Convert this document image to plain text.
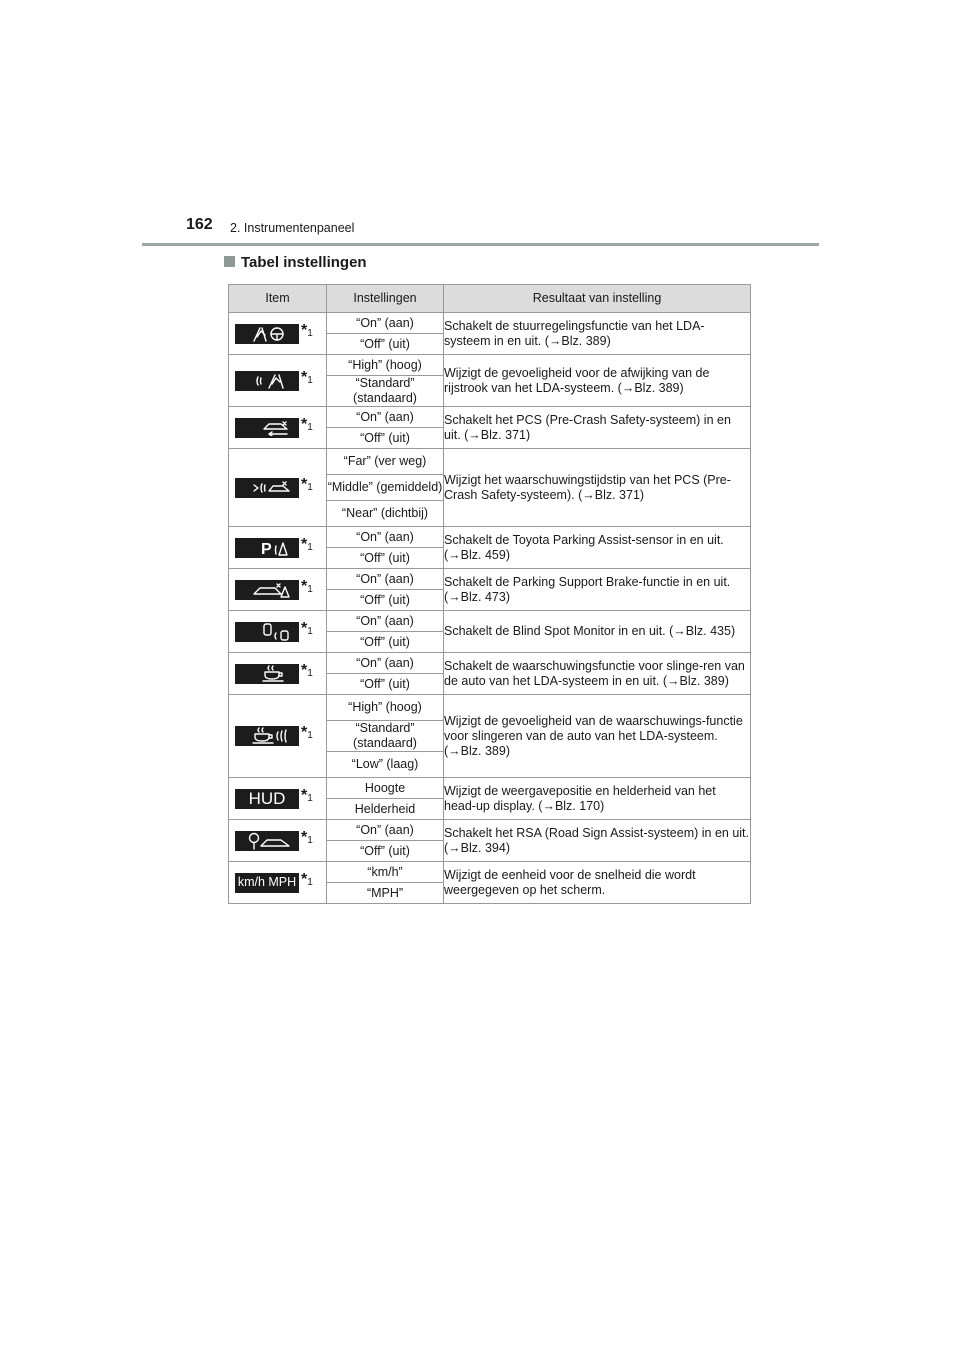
162 2. Instrumentenpaneel
Tabel instellingen
Item	Instellingen	Resultaat van instelling

$*_1$	“On” (aan)	Schakelt de stuurregelingsfunctie van het LDA-systeem in en uit. (→Blz. 389)
	“Off” (uit)	

$*_1$	“High” (hoog)	Wijzigt de gevoeligheid voor de afwijking van de rijstrook van het LDA-systeem. (→Blz. 389)
	“Standard” (standaard)	

$*_1$	“On” (aan)	Schakelt het PCS (Pre-Crash Safety-systeem) in en uit. (→Blz. 371)
	“Off” (uit)	

$*_1$	“Far” (ver weg)	Wijzigt het waarschuwingstijdstip van het PCS (Pre-Crash Safety-systeem). (→Blz. 371)
	“Middle” (gemiddeld)	
	“Near” (dichtbij)	

P $*_1$	“On” (aan)	Schakelt de Toyota Parking Assist-sensor in en uit. (→Blz. 459)
	“Off” (uit)	

$*_1$	“On” (aan)	Schakelt de Parking Support Brake-functie in en uit. (→Blz. 473)
	“Off” (uit)	

$*_1$	“On” (aan)	Schakelt de Blind Spot Monitor in en uit. (→Blz. 435)
	“Off” (uit)	

$*_1$	“On” (aan)	Schakelt de waarschuwingsfunctie voor slinge-ren van de auto van het LDA-systeem in en uit. (→Blz. 389)
	“Off” (uit)	

$*_1$	“High” (hoog)	Wijzigt de gevoeligheid van de waarschuwings-functie voor slingeren van de auto van het LDA-systeem. (→Blz. 389)
	“Standard” (standaard)	
	“Low” (laag)	

HUD $*_1$	Hoogte	Wijzigt de weergavepositie en helderheid van het head-up display. (→Blz. 170)
	Helderheid	

$*_1$	“On” (aan)	Schakelt het RSA (Road Sign Assist-systeem) in en uit. (→Blz. 394)
	“Off” (uit)	

km/h MPH $*_1$	“km/h”	Wijzigt de eenheid voor de snelheid die wordt weergegeven op het scherm.
	“MPH”	
